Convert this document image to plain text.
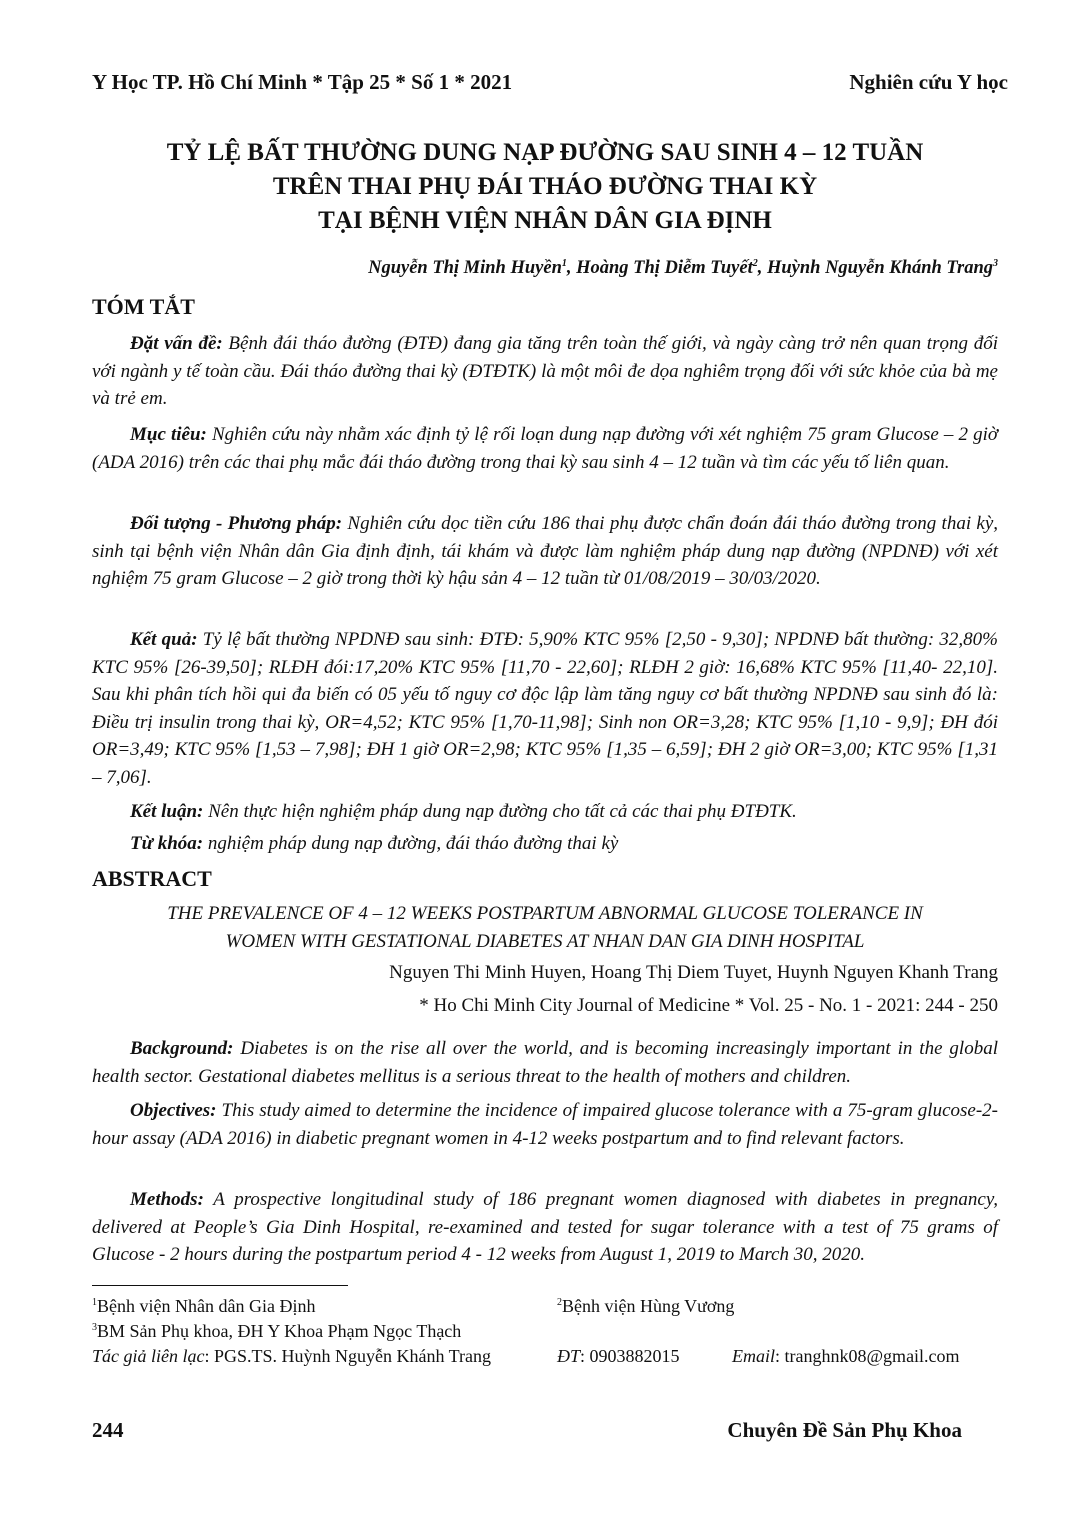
Y Học TP. Hồ Chí Minh * Tập 25 * Số 1 * 2021	Nghiên cứu Y học
TỶ LỆ BẤT THƯỜNG DUNG NẠP ĐƯỜNG SAU SINH 4 – 12 TUẦN
TRÊN THAI PHỤ ĐÁI THÁO ĐƯỜNG THAI KỲ
TẠI BỆNH VIỆN NHÂN DÂN GIA ĐỊNH
Nguyễn Thị Minh Huyền$^1$, Hoàng Thị Diễm Tuyết$^2$, Huỳnh Nguyễn Khánh Trang$^3$
TÓM TẮT
Đặt vấn đề: Bệnh đái tháo đường (ĐTĐ) đang gia tăng trên toàn thế giới, và ngày càng trở nên quan trọng đối với ngành y tế toàn cầu. Đái tháo đường thai kỳ (ĐTĐTK) là một môi đe dọa nghiêm trọng đối với sức khỏe của bà mẹ và trẻ em.
Mục tiêu: Nghiên cứu này nhằm xác định tỷ lệ rối loạn dung nạp đường với xét nghiệm 75 gram Glucose – 2 giờ (ADA 2016) trên các thai phụ mắc đái tháo đường trong thai kỳ sau sinh 4 – 12 tuần và tìm các yếu tố liên quan.
Đối tượng - Phương pháp: Nghiên cứu dọc tiền cứu 186 thai phụ được chẩn đoán đái tháo đường trong thai kỳ, sinh tại bệnh viện Nhân dân Gia định định, tái khám và được làm nghiệm pháp dung nạp đường (NPDNĐ) với xét nghiệm 75 gram Glucose – 2 giờ trong thời kỳ hậu sản 4 – 12 tuần từ 01/08/2019 – 30/03/2020.
Kết quả: Tỷ lệ bất thường NPDNĐ sau sinh: ĐTĐ: 5,90% KTC 95% [2,50 - 9,30]; NPDNĐ bất thường: 32,80% KTC 95% [26-39,50]; RLĐH đói:17,20% KTC 95% [11,70 - 22,60]; RLĐH 2 giờ: 16,68% KTC 95% [11,40- 22,10]. Sau khi phân tích hồi qui đa biến có 05 yếu tố nguy cơ độc lập làm tăng nguy cơ bất thường NPDNĐ sau sinh đó là: Điều trị insulin trong thai kỳ, OR=4,52; KTC 95% [1,70-11,98]; Sinh non OR=3,28; KTC 95% [1,10 - 9,9]; ĐH đói OR=3,49; KTC 95% [1,53 – 7,98]; ĐH 1 giờ OR=2,98; KTC 95% [1,35 – 6,59]; ĐH 2 giờ OR=3,00; KTC 95% [1,31 – 7,06].
Kết luận: Nên thực hiện nghiệm pháp dung nạp đường cho tất cả các thai phụ ĐTĐTK.
Từ khóa: nghiệm pháp dung nạp đường, đái tháo đường thai kỳ
ABSTRACT
THE PREVALENCE OF 4 – 12 WEEKS POSTPARTUM ABNORMAL GLUCOSE TOLERANCE IN
WOMEN WITH GESTATIONAL DIABETES AT NHAN DAN GIA DINH HOSPITAL
Nguyen Thi Minh Huyen, Hoang Thị Diem Tuyet, Huynh Nguyen Khanh Trang
* Ho Chi Minh City Journal of Medicine * Vol. 25 - No. 1 - 2021: 244 - 250
Background: Diabetes is on the rise all over the world, and is becoming increasingly important in the global health sector. Gestational diabetes mellitus is a serious threat to the health of mothers and children.
Objectives: This study aimed to determine the incidence of impaired glucose tolerance with a 75-gram glucose-2-hour assay (ADA 2016) in diabetic pregnant women in 4-12 weeks postpartum and to find relevant factors.
Methods: A prospective longitudinal study of 186 pregnant women diagnosed with diabetes in pregnancy, delivered at People’s Gia Dinh Hospital, re-examined and tested for sugar tolerance with a test of 75 grams of Glucose - 2 hours during the postpartum period 4 - 12 weeks from August 1, 2019 to March 30, 2020.
$^1$Bệnh viện Nhân dân Gia Định	$^2$Bệnh viện Hùng Vương
$^3$BM Sản Phụ khoa, ĐH Y Khoa Phạm Ngọc Thạch
Tác giả liên lạc: PGS.TS. Huỳnh Nguyễn Khánh Trang	ĐT: 0903882015	Email: tranghnk08@gmail.com
244	Chuyên Đề Sản Phụ Khoa
